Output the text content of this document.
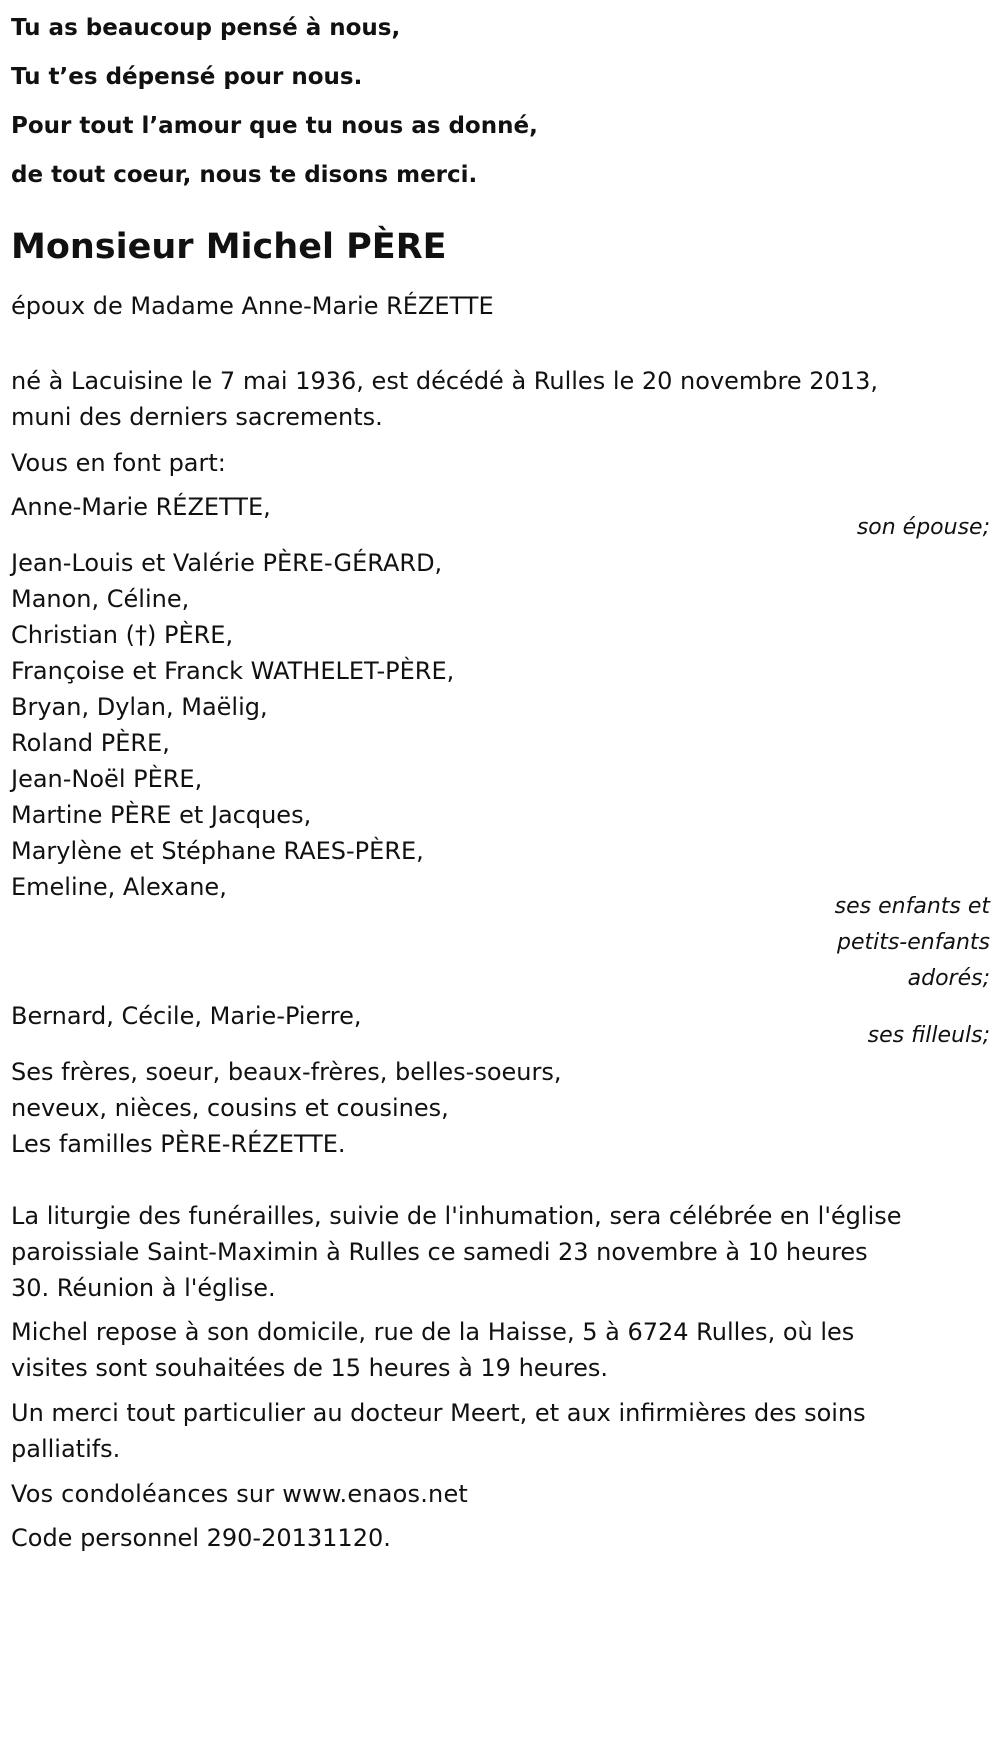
Tu as beaucoup pensé à nous,
Tu t’es dépensé pour nous.
Pour tout l’amour que tu nous as donné,
de tout coeur, nous te disons merci.
Monsieur Michel PÈRE
époux de Madame Anne-Marie RÉZETTE
né à Lacuisine le 7 mai 1936, est décédé à Rulles le 20 novembre 2013,
muni des derniers sacrements.
Vous en font part:
Anne-Marie RÉZETTE,
son épouse;
Jean-Louis et Valérie PÈRE-GÉRARD,
Manon, Céline,
Christian (†) PÈRE,
Françoise et Franck WATHELET-PÈRE,
Bryan, Dylan, Maëlig,
Roland PÈRE,
Jean-Noël PÈRE,
Martine PÈRE et Jacques,
Marylène et Stéphane RAES-PÈRE,
Emeline, Alexane,
ses enfants et
petits-enfants
adorés;
Bernard, Cécile, Marie-Pierre,
ses filleuls;
Ses frères, soeur, beaux-frères, belles-soeurs,
neveux, nièces, cousins et cousines,
Les familles PÈRE-RÉZETTE.
La liturgie des funérailles, suivie de l'inhumation, sera célébrée en l'église
paroissiale Saint-Maximin à Rulles ce samedi 23 novembre à 10 heures
30. Réunion à l'église.
Michel repose à son domicile, rue de la Haisse, 5 à 6724 Rulles, où les
visites sont souhaitées de 15 heures à 19 heures.
Un merci tout particulier au docteur Meert, et aux infirmières des soins
palliatifs.
Vos condoléances sur www.enaos.net
Code personnel 290-20131120.
